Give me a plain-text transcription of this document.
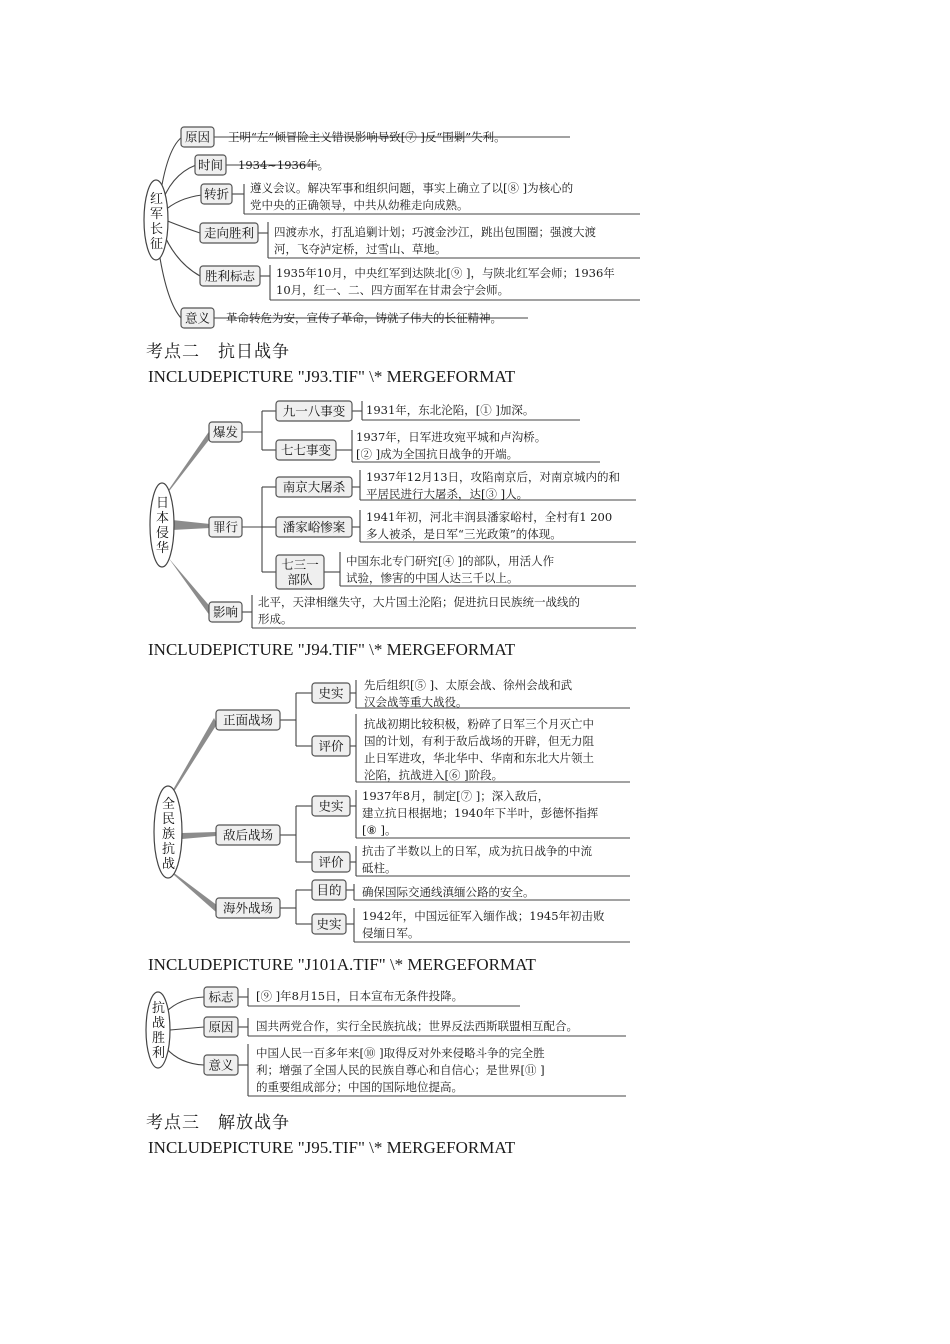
红
军
长
征
原因 王明“左”倾冒险主义错误影响导致[⑦ ]反“围剿”失利。
时间 1934~1936年。
转折 遵义会议。解决军事和组织问题，事实上确立了以[⑧ ]为核心的
党中央的正确领导，中共从幼稚走向成熟。
走向胜利 四渡赤水，打乱追剿计划；巧渡金沙江，跳出包围圈；强渡大渡
河，飞夺泸定桥，过雪山、草地。
胜利标志 1935年10月，中央红军到达陕北[⑨ ]，与陕北红军会师；1936年
10月，红一、二、四方面军在甘肃会宁会师。
意义 革命转危为安，宣传了革命，铸就了伟大的长征精神。
考点二　抗日战争
INCLUDEPICTURE "J93.TIF" \* MERGEFORMAT
日
本
侵
华
爆发
罪行
影响
九一八事变 1931年，东北沦陷，[① ]加深。
七七事变
1937年，日军进攻宛平城和卢沟桥。
[② ]成为全国抗日战争的开端。
南京大屠杀
1937年12月13日，攻陷南京后，对南京城内的和
平居民进行大屠杀，达[③ ]人。
潘家峪惨案
1941年初，河北丰润县潘家峪村，全村有1 200
多人被杀，是日军“三光政策”的体现。
七三一
部队
中国东北专门研究[④ ]的部队，用活人作
试验，惨害的中国人达三千以上。
北平，天津相继失守，大片国土沦陷；促进抗日民族统一战线的
形成。
INCLUDEPICTURE "J94.TIF" \* MERGEFORMAT
全
民
族
抗
战
正面战场
敌后战场
海外战场
史实
先后组织[⑤ ]、太原会战、徐州会战和武
汉会战等重大战役。
评价
抗战初期比较积极，粉碎了日军三个月灭亡中
国的计划，有利于敌后战场的开辟，但无力阻
止日军进攻，华北华中、华南和东北大片领土
沦陷，抗战进入[⑥ ]阶段。
史实
1937年8月，制定[⑦ ]；深入敌后，
建立抗日根据地；1940年下半叶，彭德怀指挥
[⑧ ]。
评价
抗击了半数以上的日军，成为抗日战争的中流
砥柱。
目的 确保国际交通线滇缅公路的安全。
史实
1942年，中国远征军入缅作战；1945年初击败
侵缅日军。
INCLUDEPICTURE "J101A.TIF" \* MERGEFORMAT
抗
战
胜
利
标志 [⑨ ]年8月15日，日本宣布无条件投降。
原因 国共两党合作，实行全民族抗战；世界反法西斯联盟相互配合。
意义
中国人民一百多年来[⑩ ]取得反对外来侵略斗争的完全胜
利；增强了全国人民的民族自尊心和自信心；是世界[⑪ ]
的重要组成部分；中国的国际地位提高。
考点三　解放战争
INCLUDEPICTURE "J95.TIF" \* MERGEFORMAT
